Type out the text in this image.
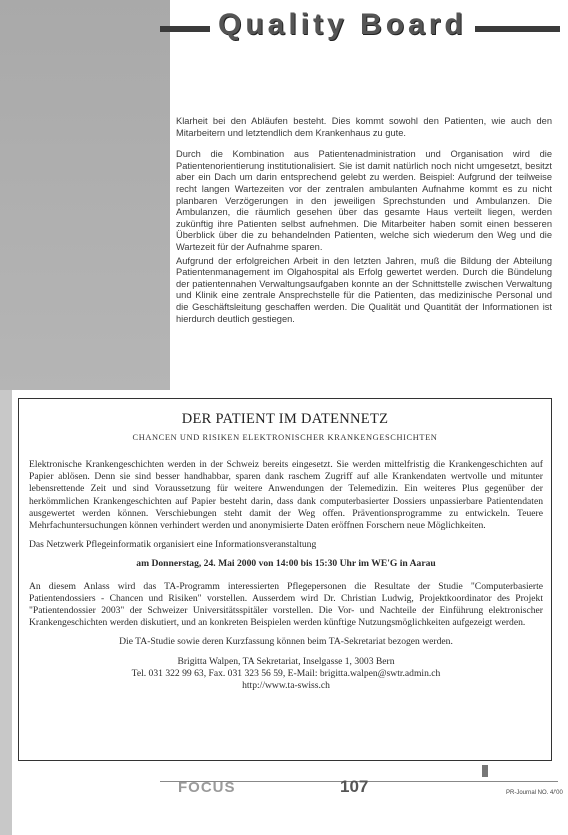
Quality Board

Klarheit bei den Abläufen besteht. Dies kommt sowohl den Patienten, wie auch den Mitarbeitern und letztendlich dem Krankenhaus zu gute.

Durch die Kombination aus Patientenadministration und Organisation wird die Patientenorientierung institutionalisiert. Sie ist damit natürlich noch nicht umgesetzt, besitzt aber ein Dach um darin entsprechend gelebt zu werden. Beispiel: Aufgrund der teilweise recht langen Wartezeiten vor der zentralen ambulanten Aufnahme kommt es zu nicht planbaren Verzögerungen in den jeweiligen Sprechstunden und Ambulanzen. Die Ambulanzen, die räumlich gesehen über das gesamte Haus verteilt liegen, werden zukünftig ihre Patienten selbst aufnehmen. Die Mitarbeiter haben somit einen besseren Überblick über die zu behandelnden Patienten, welche sich wiederum den Weg und die Wartezeit für der Aufnahme sparen.

Aufgrund der erfolgreichen Arbeit in den letzten Jahren, muß die Bildung der Abteilung Patientenmanagement im Olgahospital als Erfolg gewertet werden. Durch die Bündelung der patientennahen Verwaltungsaufgaben konnte an der Schnittstelle zwischen Verwaltung und Klinik eine zentrale Ansprechstelle für die Patienten, das medizinische Personal und die Geschäftsleitung geschaffen werden. Die Qualität und Quantität der Informationen ist hierdurch deutlich gestiegen.

DER PATIENT IM DATENNETZ
CHANCEN UND RISIKEN ELEKTRONISCHER KRANKENGESCHICHTEN

Elektronische Krankengeschichten werden in der Schweiz bereits eingesetzt. Sie werden mittelfristig die Krankengeschichten auf Papier ablösen. Denn sie sind besser handhabbar, sparen dank raschem Zugriff auf alle Krankendaten wertvolle und mitunter lebensrettende Zeit und sind Voraussetzung für weitere Anwendungen der Telemedizin. Ein weiteres Plus gegenüber der herkömmlichen Krankengeschichten auf Papier besteht darin, dass dank computerbasierter Dossiers unpassierbare Patientendaten ausgewertet werden können. Verschiebungen steht damit der Weg offen. Präventionsprogramme zu entwickeln. Teuere Mehrfachuntersuchungen können verhindert werden und anonymisierte Daten eröffnen Forschern neue Möglichkeiten.

Das Netzwerk Pflegeinformatik organisiert eine Informationsveranstaltung

am Donnerstag, 24. Mai 2000 von 14:00 bis 15:30 Uhr im WE'G in Aarau

An diesem Anlass wird das TA-Programm interessierten Pflegepersonen die Resultate der Studie "Computerbasierte Patientendossiers - Chancen und Risiken" vorstellen. Ausserdem wird Dr. Christian Ludwig, Projektkoordinator des Projekt "Patientendossier 2003" der Schweizer Universitätsspitäler vorstellen. Die Vor- und Nachteile der Einführung elektronischer Krankengeschichten werden diskutiert, und an konkreten Beispielen werden künftige Nutzungsmöglichkeiten aufgezeigt werden.

Die TA-Studie sowie deren Kurzfassung können beim TA-Sekretariat bezogen werden.

Brigitta Walpen, TA Sekretariat, Inselgasse 1, 3003 Bern

Tel. 031 322 99 63, Fax. 031 323 56 59, E-Mail: brigitta.walpen@swtr.admin.ch

http://www.ta-swiss.ch

FOCUS	107	PR-Journal NO. 4/'00
